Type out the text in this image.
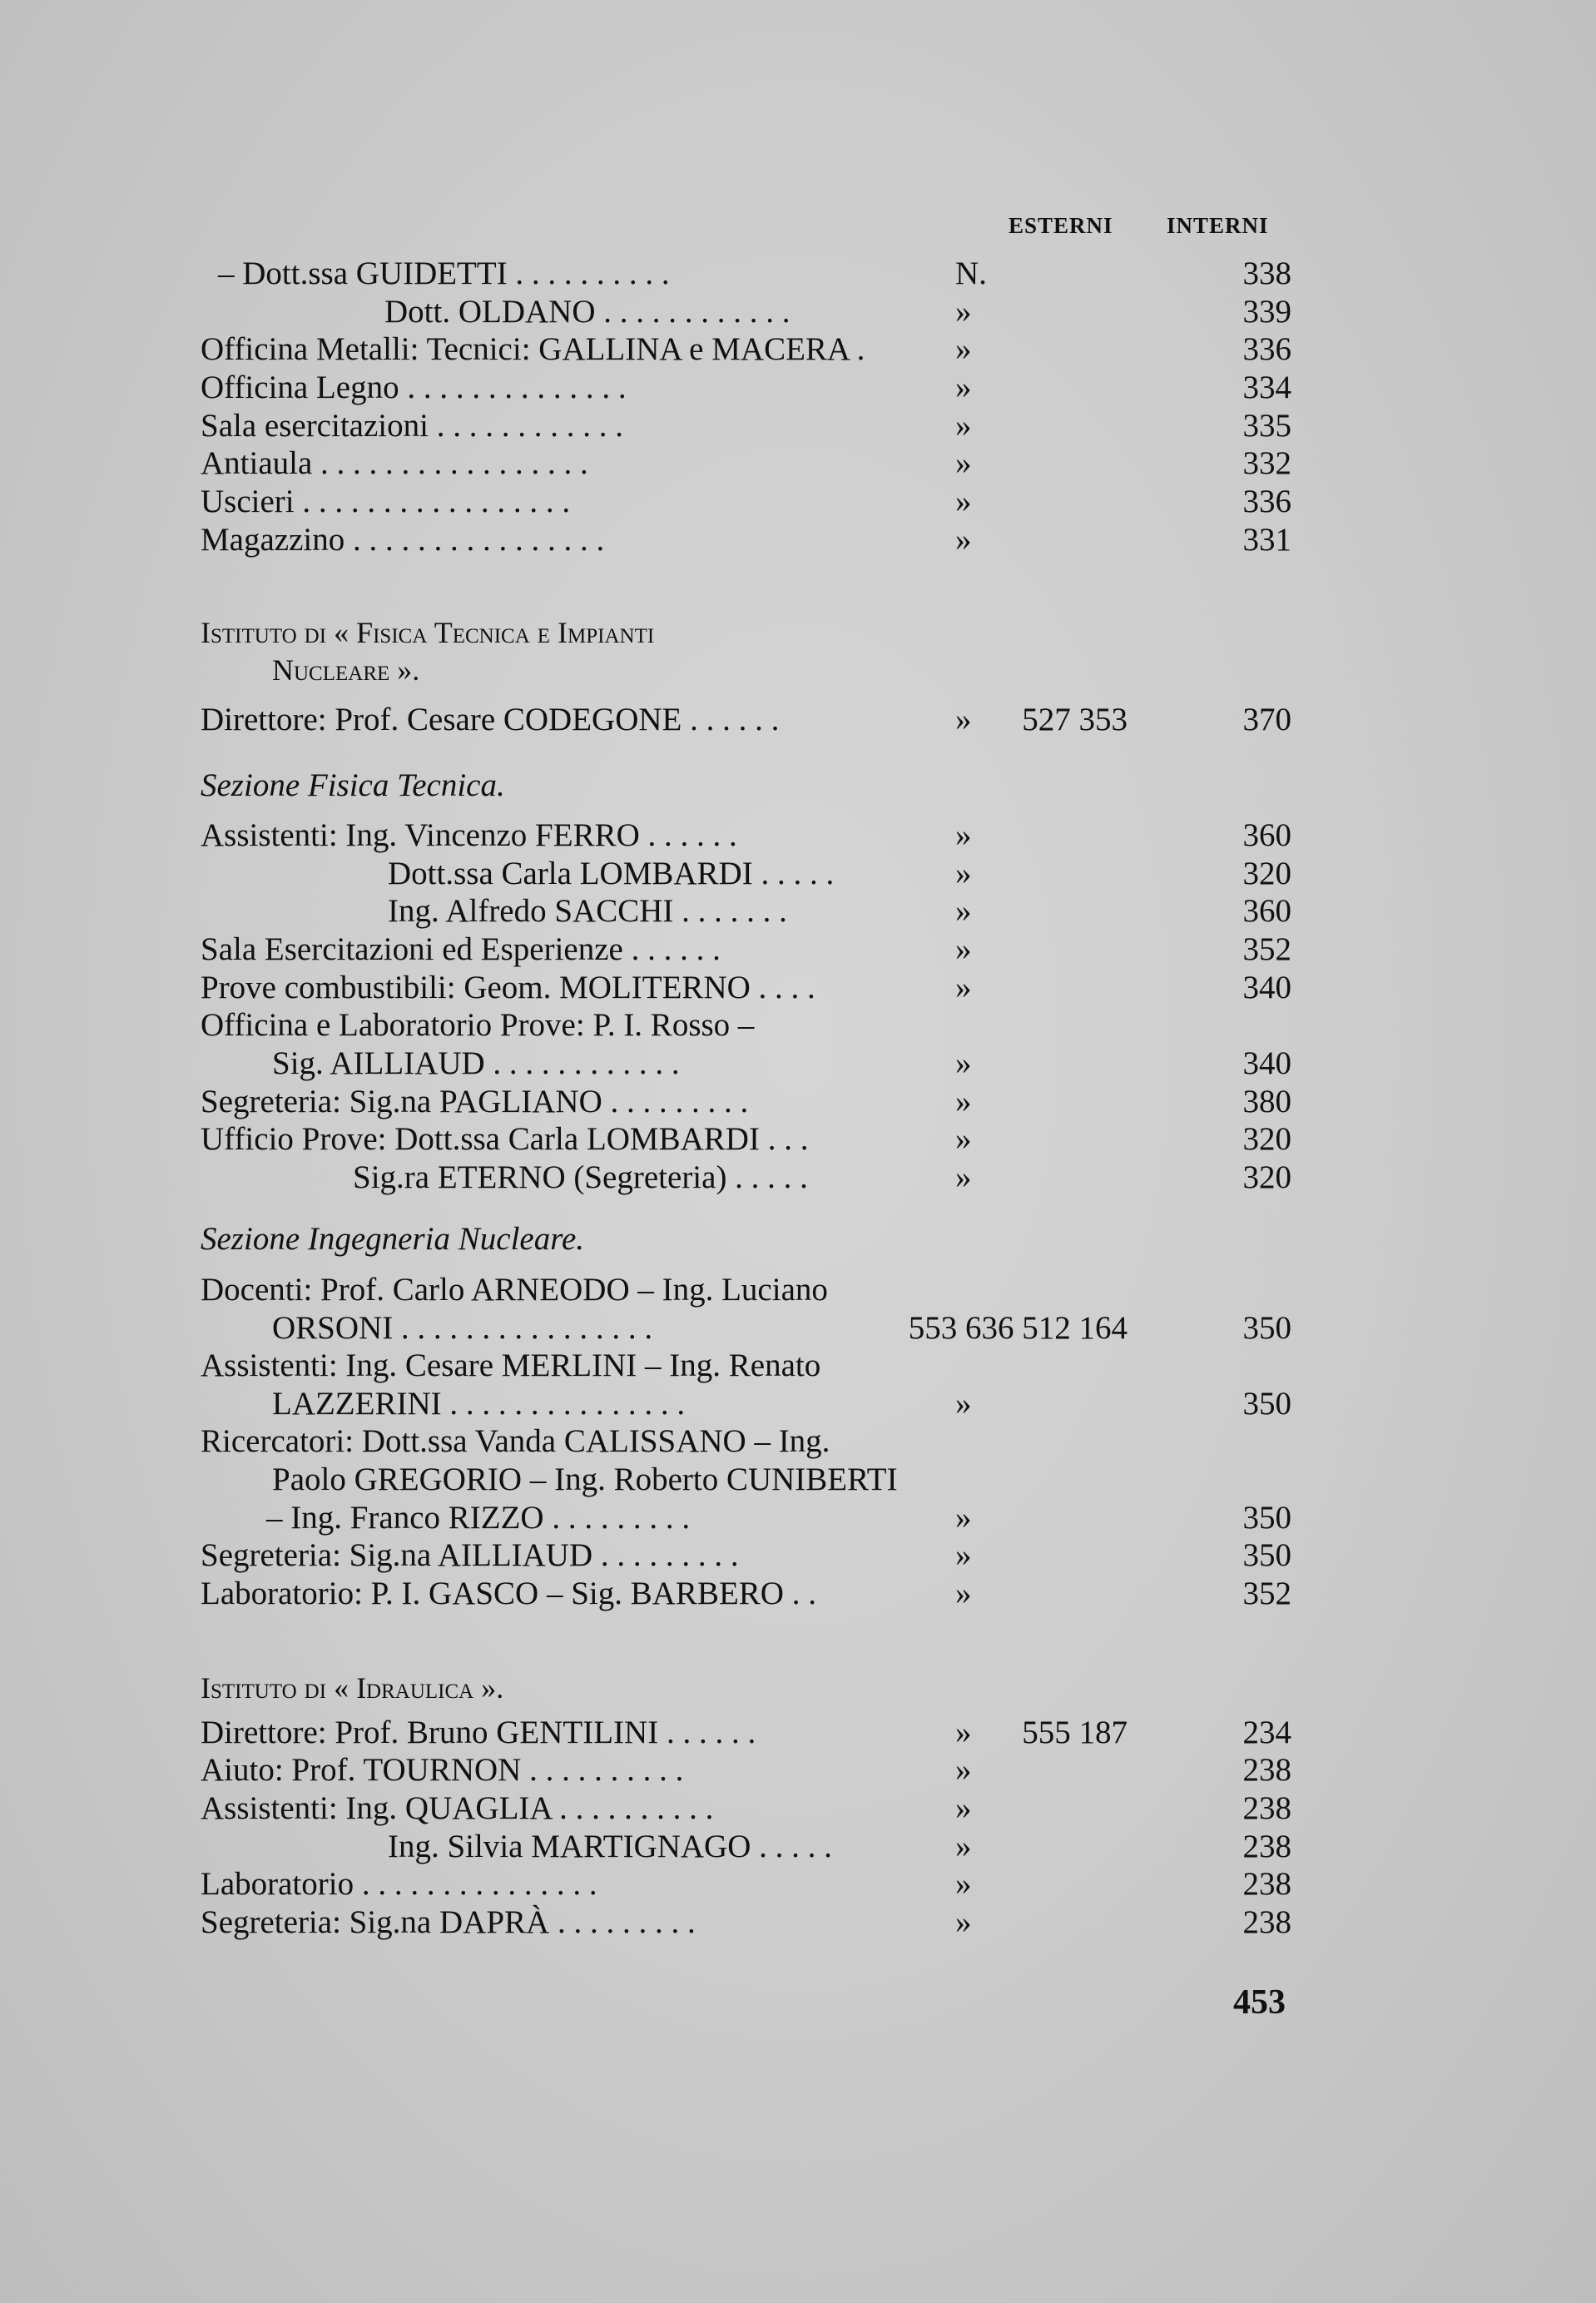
ESTERNI INTERNI
– Dott.ssa GUIDETTI . . . . . . . . . .	N.	338
Dott. OLDANO . . . . . . . . . . . .	»	339
Officina Metalli: Tecnici: GALLINA e MACERA .	»	336
Officina Legno . . . . . . . . . . . . . .	»	334
Sala esercitazioni . . . . . . . . . . . .	»	335
Antiaula . . . . . . . . . . . . . . . . .	»	332
Uscieri . . . . . . . . . . . . . . . . .	»	336
Magazzino . . . . . . . . . . . . . . . .	»	331
Istituto di « Fisica Tecnica e Impianti
Nucleare ».
Direttore: Prof. Cesare CODEGONE . . . . . .	» 527 353	370
Sezione Fisica Tecnica.
Assistenti: Ing. Vincenzo FERRO . . . . . .	»	360
Dott.ssa Carla LOMBARDI . . . . .	»	320
Ing. Alfredo SACCHI . . . . . . .	»	360
Sala Esercitazioni ed Esperienze . . . . . .	»	352
Prove combustibili: Geom. MOLITERNO . . . .	»	340
Officina e Laboratorio Prove: P. I. Rosso –
Sig. AILLIAUD . . . . . . . . . . . .	»	340
Segreteria: Sig.na PAGLIANO . . . . . . . . .	»	380
Ufficio Prove: Dott.ssa Carla LOMBARDI . . .	»	320
Sig.ra ETERNO (Segreteria) . . . . .	»	320
Sezione Ingegneria Nucleare.
Docenti: Prof. Carlo ARNEODO – Ing. Luciano
ORSONI . . . . . . . . . . . . . . . .	553 636 512 164	350
Assistenti: Ing. Cesare MERLINI – Ing. Renato
LAZZERINI . . . . . . . . . . . . . . .	»	350
Ricercatori: Dott.ssa Vanda CALISSANO – Ing.
Paolo GREGORIO – Ing. Roberto CUNIBERTI
– Ing. Franco RIZZO . . . . . . . . .	»	350
Segreteria: Sig.na AILLIAUD . . . . . . . . .	»	350
Laboratorio: P. I. GASCO – Sig. BARBERO . .	»	352
Istituto di « Idraulica ».
Direttore: Prof. Bruno GENTILINI . . . . . .	» 555 187	234
Aiuto: Prof. TOURNON . . . . . . . . . .	»	238
Assistenti: Ing. QUAGLIA . . . . . . . . . .	»	238
Ing. Silvia MARTIGNAGO . . . . .	»	238
Laboratorio . . . . . . . . . . . . . . .	»	238
Segreteria: Sig.na DAPRÀ . . . . . . . . .	»	238
453
